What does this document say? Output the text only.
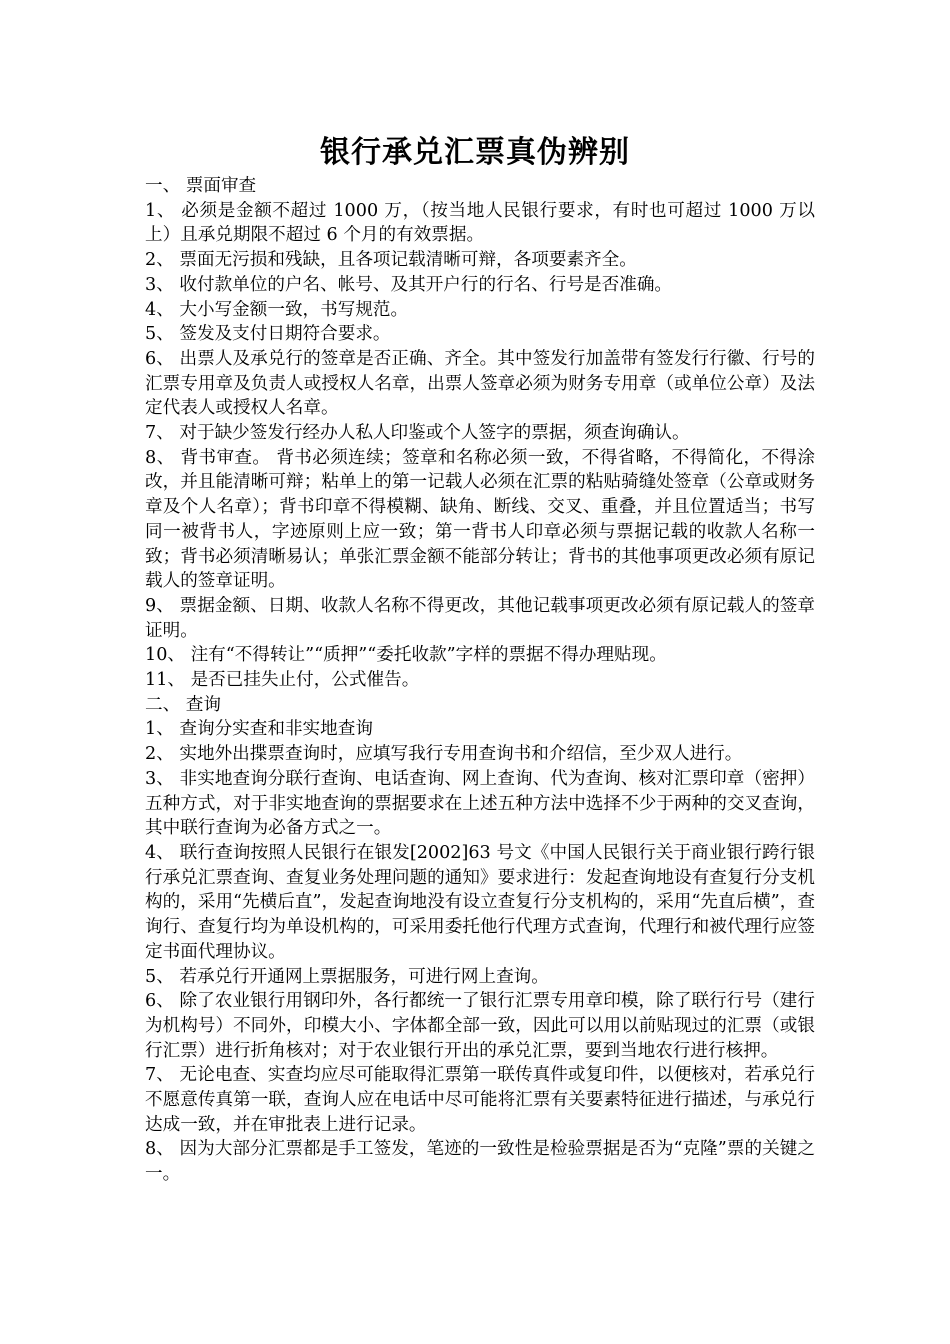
银行承兑汇票真伪辨别

一、 票面审查

1、 必须是金额不超过 1000 万，（按当地人民银行要求，有时也可超过 1000 万以上）且承兑期限不超过 6 个月的有效票据。

2、 票面无污损和残缺，且各项记载清晰可辩，各项要素齐全。

3、 收付款单位的户名、帐号、及其开户行的行名、行号是否准确。

4、 大小写金额一致，书写规范。

5、 签发及支付日期符合要求。

6、 出票人及承兑行的签章是否正确、齐全。其中签发行加盖带有签发行行徽、行号的汇票专用章及负责人或授权人名章，出票人签章必须为财务专用章（或单位公章）及法定代表人或授权人名章。

7、 对于缺少签发行经办人私人印鉴或个人签字的票据，须查询确认。

8、 背书审查。 背书必须连续；签章和名称必须一致，不得省略，不得简化，不得涂改，并且能清晰可辩；粘单上的第一记载人必须在汇票的粘贴骑缝处签章（公章或财务章及个人名章）；背书印章不得模糊、缺角、断线、交叉、重叠，并且位置适当；书写同一被背书人，字迹原则上应一致；第一背书人印章必须与票据记载的收款人名称一致；背书必须清晰易认；单张汇票金额不能部分转让；背书的其他事项更改必须有原记载人的签章证明。

9、 票据金额、日期、收款人名称不得更改，其他记载事项更改必须有原记载人的签章证明。

10、 注有“不得转让”“质押”“委托收款”字样的票据不得办理贴现。

11、 是否已挂失止付，公式催告。

二、 查询

1、 查询分实查和非实地查询

2、 实地外出揲票查询时，应填写我行专用查询书和介绍信，至少双人进行。

3、 非实地查询分联行查询、电话查询、网上查询、代为查询、核对汇票印章（密押）五种方式，对于非实地查询的票据要求在上述五种方法中选择不少于两种的交叉查询，其中联行查询为必备方式之一。

4、 联行查询按照人民银行在银发[2002]63 号文《中国人民银行关于商业银行跨行银行承兑汇票查询、查复业务处理问题的通知》要求进行：发起查询地设有查复行分支机构的，采用“先横后直”，发起查询地没有设立查复行分支机构的，采用“先直后横”，查询行、查复行均为单设机构的，可采用委托他行代理方式查询，代理行和被代理行应签定书面代理协议。

5、 若承兑行开通网上票据服务，可进行网上查询。

6、 除了农业银行用钢印外，各行都统一了银行汇票专用章印模，除了联行行号（建行为机构号）不同外，印模大小、字体都全部一致，因此可以用以前贴现过的汇票（或银行汇票）进行折角核对；对于农业银行开出的承兑汇票，要到当地农行进行核押。

7、 无论电查、实查均应尽可能取得汇票第一联传真件或复印件，以便核对，若承兑行不愿意传真第一联，查询人应在电话中尽可能将汇票有关要素特征进行描述，与承兑行达成一致，并在审批表上进行记录。

8、 因为大部分汇票都是手工签发，笔迹的一致性是检验票据是否为“克隆”票的关键之一。
